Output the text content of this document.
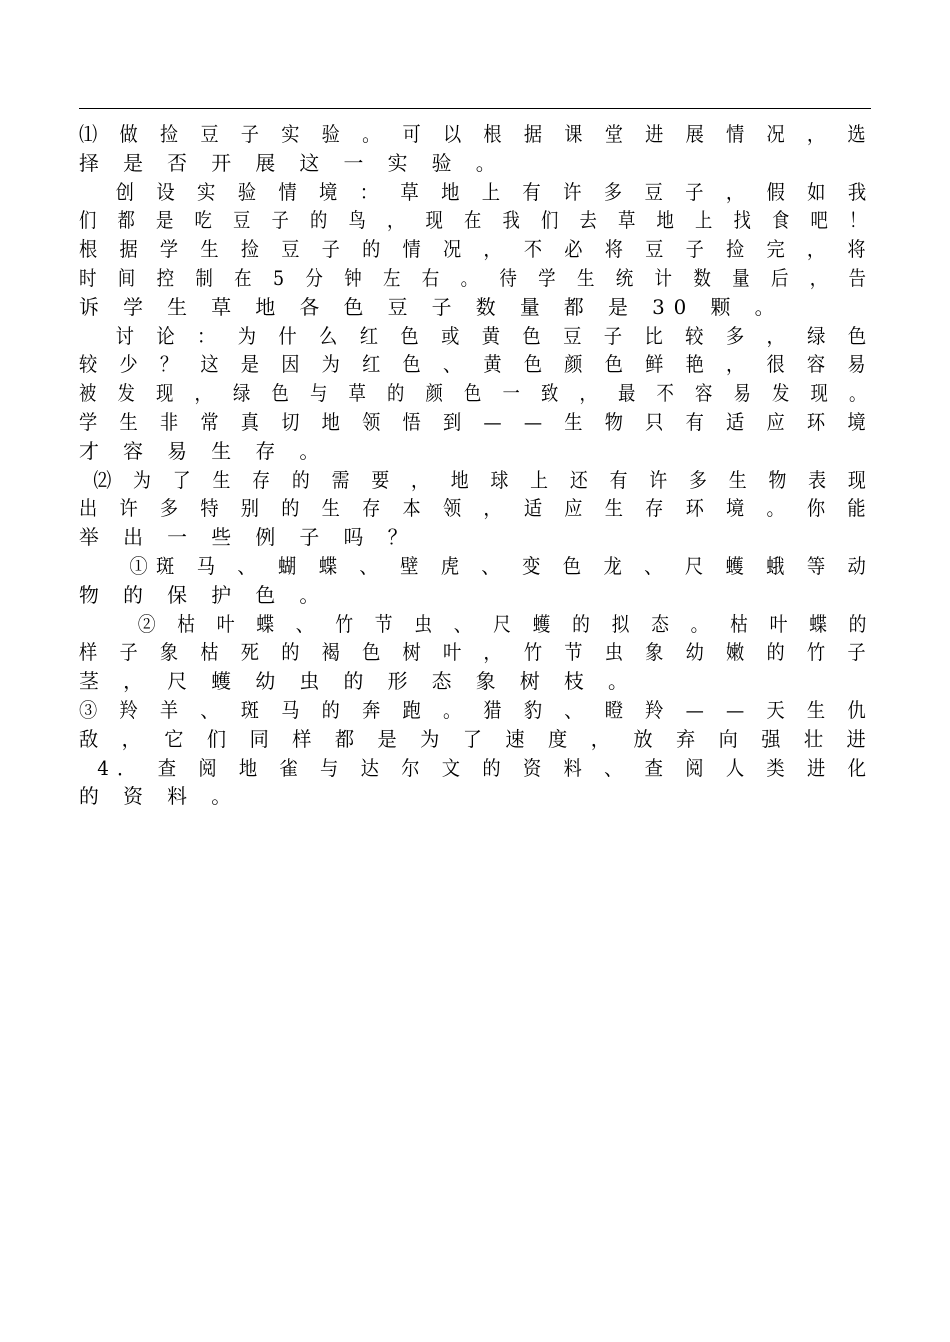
⑴ 做 捡 豆 子 实 验 。 可 以 根 据 课 堂 进 展 情 况 ， 选
择 是 否 开 展 这 一 实 验 。
创 设 实 验 情 境 ： 草 地 上 有 许 多 豆 子 ， 假 如 我
们 都 是 吃 豆 子 的 鸟 ， 现 在 我 们 去 草 地 上 找 食 吧 ！
根 据 学 生 捡 豆 子 的 情 况 ， 不 必 将 豆 子 捡 完 ， 将
时 间 控 制 在 5 分 钟 左 右 。 待 学 生 统 计 数 量 后 ， 告
诉 学 生 草 地 各 色 豆 子 数 量 都 是 30 颗 。
讨 论 ： 为 什 么 红 色 或 黄 色 豆 子 比 较 多 ， 绿 色
较 少 ？ 这 是 因 为 红 色 、 黄 色 颜 色 鲜 艳 ， 很 容 易
被 发 现 ， 绿 色 与 草 的 颜 色 一 致 ， 最 不 容 易 发 现 。
学 生 非 常 真 切 地 领 悟 到 — — 生 物 只 有 适 应 环 境
才 容 易 生 存 。
⑵ 为 了 生 存 的 需 要 ， 地 球 上 还 有 许 多 生 物 表 现
出 许 多 特 别 的 生 存 本 领 ， 适 应 生 存 环 境 。 你 能
举 出 一 些 例 子 吗 ？
①斑 马 、 蝴 蝶 、 壁 虎 、 变 色 龙 、 尺 蠖 蛾 等 动
物 的 保 护 色 。
② 枯 叶 蝶 、 竹 节 虫 、 尺 蠖 的 拟 态 。 枯 叶 蝶 的
样 子 象 枯 死 的 褐 色 树 叶 ， 竹 节 虫 象 幼 嫩 的 竹 子
茎 ， 尺 蠖 幼 虫 的 形 态 象 树 枝 。
③ 羚 羊 、 斑 马 的 奔 跑 。 猎 豹 、 瞪 羚 — — 天 生 仇
敌 ， 它 们 同 样 都 是 为 了 速 度 ， 放 弃 向 强 壮 进
4． 查 阅 地 雀 与 达 尔 文 的 资 料 、 查 阅 人 类 进 化
的 资 料 。
